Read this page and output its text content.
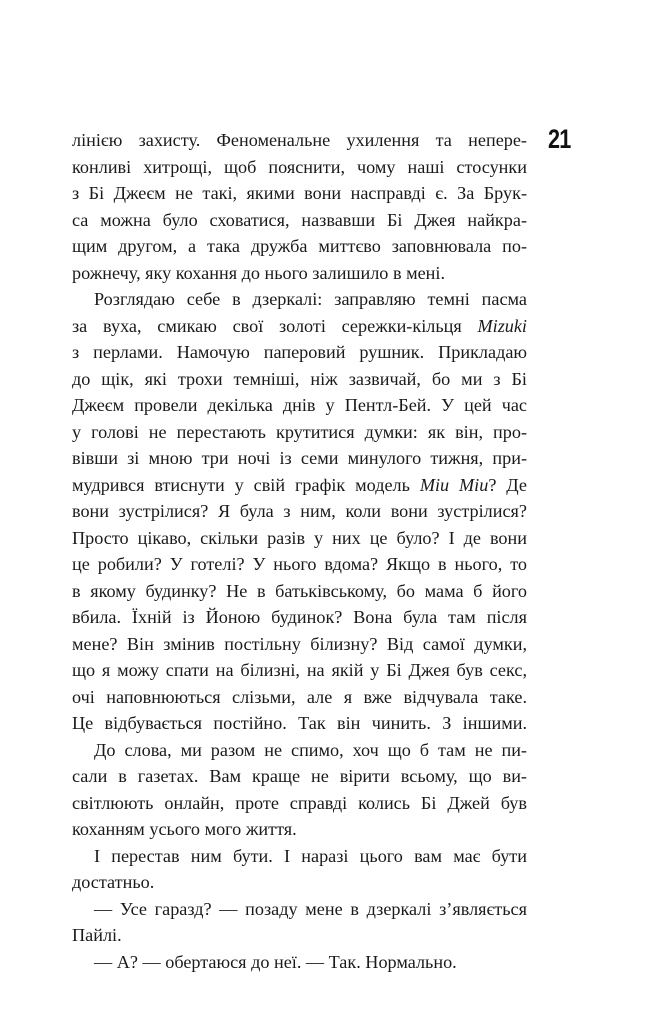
21
лінією захисту. Феноменальне ухилення та непере-
конливі хитрощі, щоб пояснити, чому наші стосунки
з Бі Джеєм не такі, якими вони насправді є. За Брук-
са можна було сховатися, назвавши Бі Джея найкра-
щим другом, а така дружба миттєво заповнювала по-
рожнечу, яку кохання до нього залишило в мені.
Розглядаю себе в дзеркалі: заправляю темні пасма
за вуха, смикаю свої золоті сережки-кільця Mizuki
з перлами. Намочую паперовий рушник. Прикладаю
до щік, які трохи темніші, ніж зазвичай, бо ми з Бі
Джеєм провели декілька днів у Пентл-Бей. У цей час
у голові не перестають крутитися думки: як він, про-
вівши зі мною три ночі із семи минулого тижня, при-
мудрився втиснути у свій графік модель Міu Міu? Де
вони зустрілися? Я була з ним, коли вони зустрілися?
Просто цікаво, скільки разів у них це було? І де вони
це робили? У готелі? У нього вдома? Якщо в нього, то
в якому будинку? Не в батьківському, бо мама б його
вбила. Їхній із Йоною будинок? Вона була там після
мене? Він змінив постільну білизну? Від самої думки,
що я можу спати на білизні, на якій у Бі Джея був секс,
очі наповнюються слізьми, але я вже відчувала таке.
Це відбувається постійно. Так він чинить. З іншими.
До слова, ми разом не спимо, хоч що б там не пи-
сали в газетах. Вам краще не вірити всьому, що ви-
світлюють онлайн, проте справді колись Бі Джей був
коханням усього мого життя.
І перестав ним бути. І наразі цього вам має бути
достатньо.
— Усе гаразд? — позаду мене в дзеркалі з’являється
Пайлі.
— А? — обертаюся до неї. — Так. Нормально.
